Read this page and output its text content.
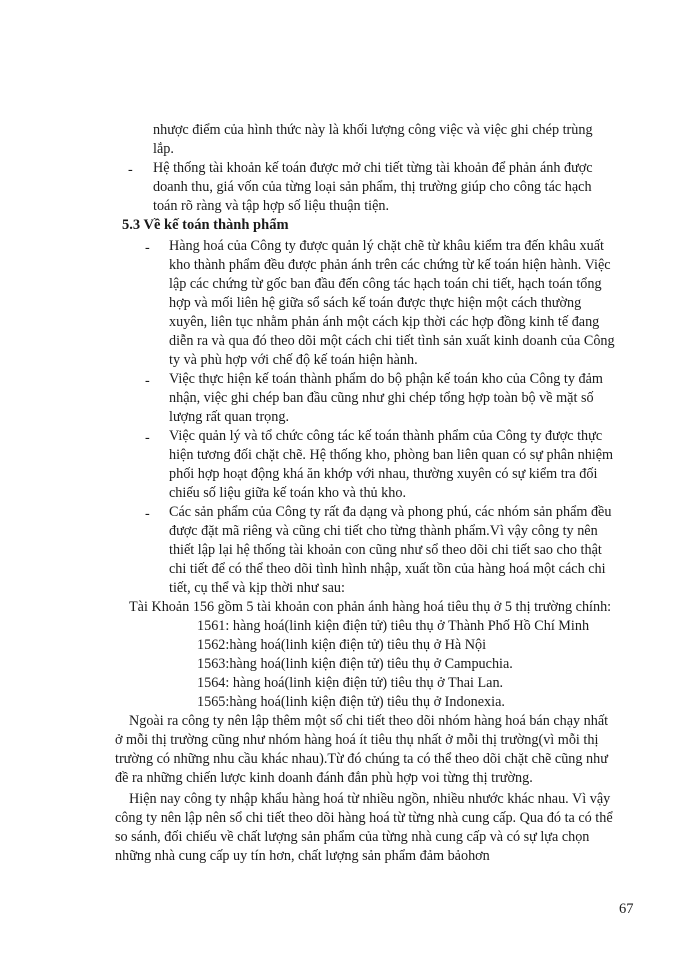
nhược điểm của hình thức này là khối lượng công việc và việc ghi chép trùng
lắp.
- Hệ thống tài khoản kế toán được mở chi tiết từng tài khoản để phản ánh được
doanh thu, giá vốn của từng loại sản phẩm, thị trường giúp cho công tác hạch
toán rõ ràng và tập hợp số liệu thuận tiện.
5.3 Về kế toán thành phẩm
- Hàng hoá của Công ty được quản lý chặt chẽ từ khâu kiểm tra đến khâu xuất
kho thành phẩm đều được phản ánh trên các chứng từ kế toán hiện hành. Việc
lập các chứng từ gốc ban đầu đến công tác hạch toán chi tiết, hạch toán tổng
hợp và mối liên hệ giữa sổ sách kế toán được thực hiện một cách thường
xuyên, liên tục nhằm phản ánh một cách kịp thời các hợp đồng kinh tế đang
diễn ra và qua đó theo dõi một cách chi tiết tình sản xuất kinh doanh của Công
ty và phù hợp với chế độ kế toán hiện hành.
- Việc thực hiện kế toán thành phẩm do bộ phận kế toán kho của Công ty đảm
nhận, việc ghi chép ban đầu cũng như ghi chép tổng hợp toàn bộ về mặt số
lượng rất quan trọng.
- Việc quản lý và tổ chức công tác kế toán thành phẩm của Công ty được thực
hiện tương đối chặt chẽ. Hệ thống kho, phòng ban liên quan có sự phân nhiệm
phối hợp hoạt động khá ăn khớp với nhau, thường xuyên có sự kiểm tra đối
chiếu số liệu giữa kế toán kho và thủ kho.
- Các sản phẩm của Công ty rất đa dạng và phong phú, các nhóm sản phẩm đều
được đặt mã riêng và cũng chi tiết cho từng thành phẩm.Vì vậy công ty nên
thiết lập lại hệ thống tài khoản con cũng như sổ theo dõi chi tiết sao cho thật
chi tiết để có thể theo dõi tình hình nhập, xuất tồn của hàng hoá một cách chi
tiết, cụ thể và kịp thời như sau:
Tài Khoản 156 gồm 5 tài khoản con phản ánh hàng hoá tiêu thụ ở 5 thị trường chính:
1561: hàng hoá(linh kiện điện tử) tiêu thụ ở Thành Phố Hồ Chí Minh
1562:hàng hoá(linh kiện điện tử) tiêu thụ ở Hà Nội
1563:hàng hoá(linh kiện điện tử) tiêu thụ ở Campuchia.
1564: hàng hoá(linh kiện điện tử) tiêu thụ ở Thai Lan.
1565:hàng hoá(linh kiện điện tử) tiêu thụ ở Indonexia.
Ngoài ra công ty nên lập thêm một số chi tiết theo dõi nhóm hàng hoá bán chạy nhất
ở mỗi thị trường cũng như nhóm hàng hoá ít tiêu thụ nhất ở mỗi thị trường(vì mỗi thị
trường có những nhu cầu khác nhau).Từ đó chúng ta có thể theo dõi chặt chẽ cũng như
đề ra những chiến lược kinh doanh đánh đắn phù hợp voi từng thị trường.
Hiện nay công ty nhập khẩu hàng hoá từ nhiều ngồn, nhiều nhước khác nhau. Vì vậy
công ty nên lập nên sổ chi tiết theo dõi hàng hoá từ từng nhà cung cấp. Qua đó ta có thể
so sánh, đối chiếu về chất lượng sản phẩm của từng nhà cung cấp và có sự lựa chọn
những nhà cung cấp uy tín hơn, chất lượng sản phẩm đảm bảohơn
67
